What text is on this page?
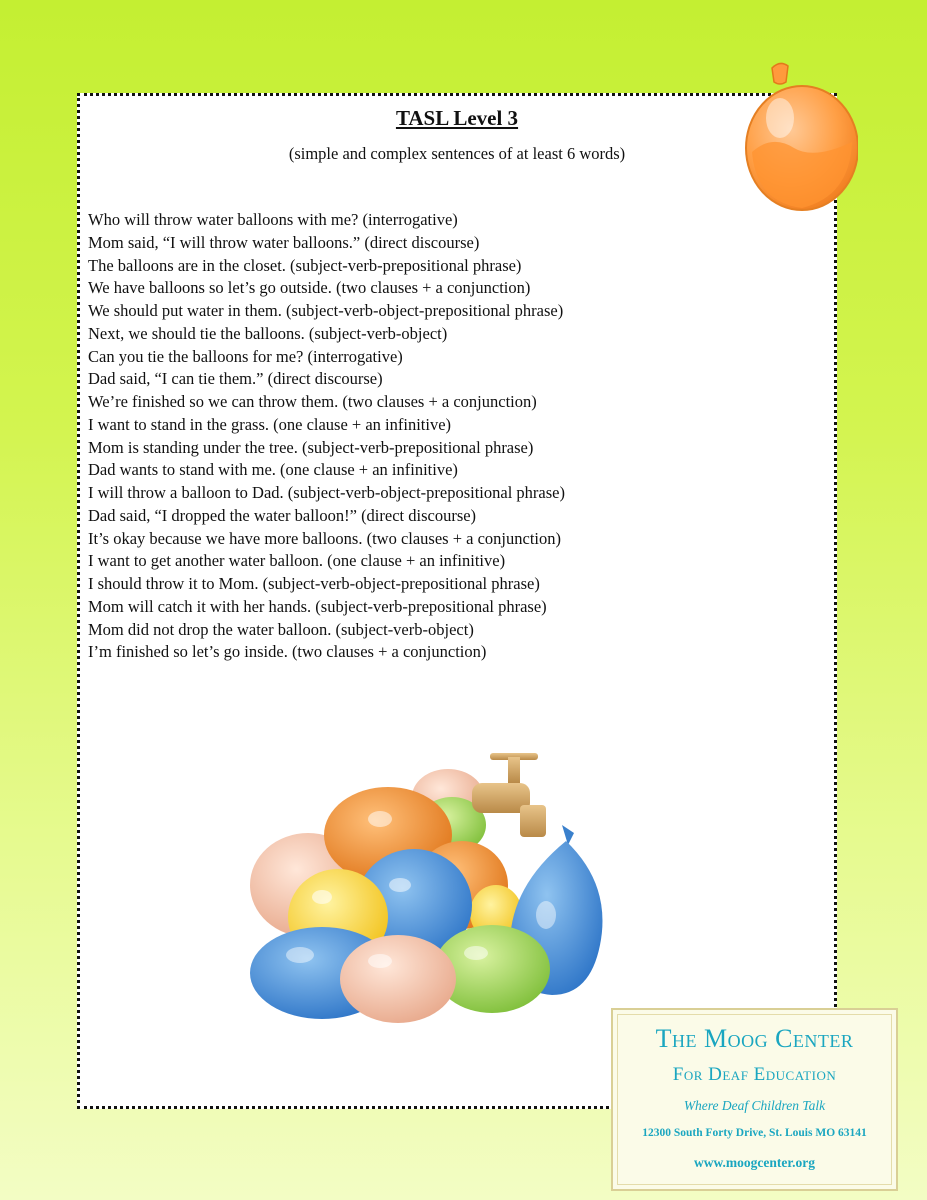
TASL Level 3
(simple and complex sentences of at least 6 words)
Who will throw water balloons with me? (interrogative)
Mom said, “I will throw water balloons.” (direct discourse)
The balloons are in the closet. (subject-verb-prepositional phrase)
We have balloons so let’s go outside. (two clauses + a conjunction)
We should put water in them. (subject-verb-object-prepositional phrase)
Next, we should tie the balloons. (subject-verb-object)
Can you tie the balloons for me? (interrogative)
Dad said, “I can tie them.” (direct discourse)
We’re finished so we can throw them. (two clauses + a conjunction)
I want to stand in the grass. (one clause + an infinitive)
Mom is standing under the tree. (subject-verb-prepositional phrase)
Dad wants to stand with me. (one clause + an infinitive)
I will throw a balloon to Dad. (subject-verb-object-prepositional phrase)
Dad said, “I dropped the water balloon!” (direct discourse)
It’s okay because we have more balloons. (two clauses + a conjunction)
I want to get another water balloon. (one clause + an infinitive)
I should throw it to Mom. (subject-verb-object-prepositional phrase)
Mom will catch it with her hands. (subject-verb-prepositional phrase)
Mom did not drop the water balloon. (subject-verb-object)
I’m finished so let’s go inside. (two clauses + a conjunction)
The Moog Center
For Deaf Education
Where Deaf Children Talk
12300 South Forty Drive, St. Louis MO 63141
www.moogcenter.org
